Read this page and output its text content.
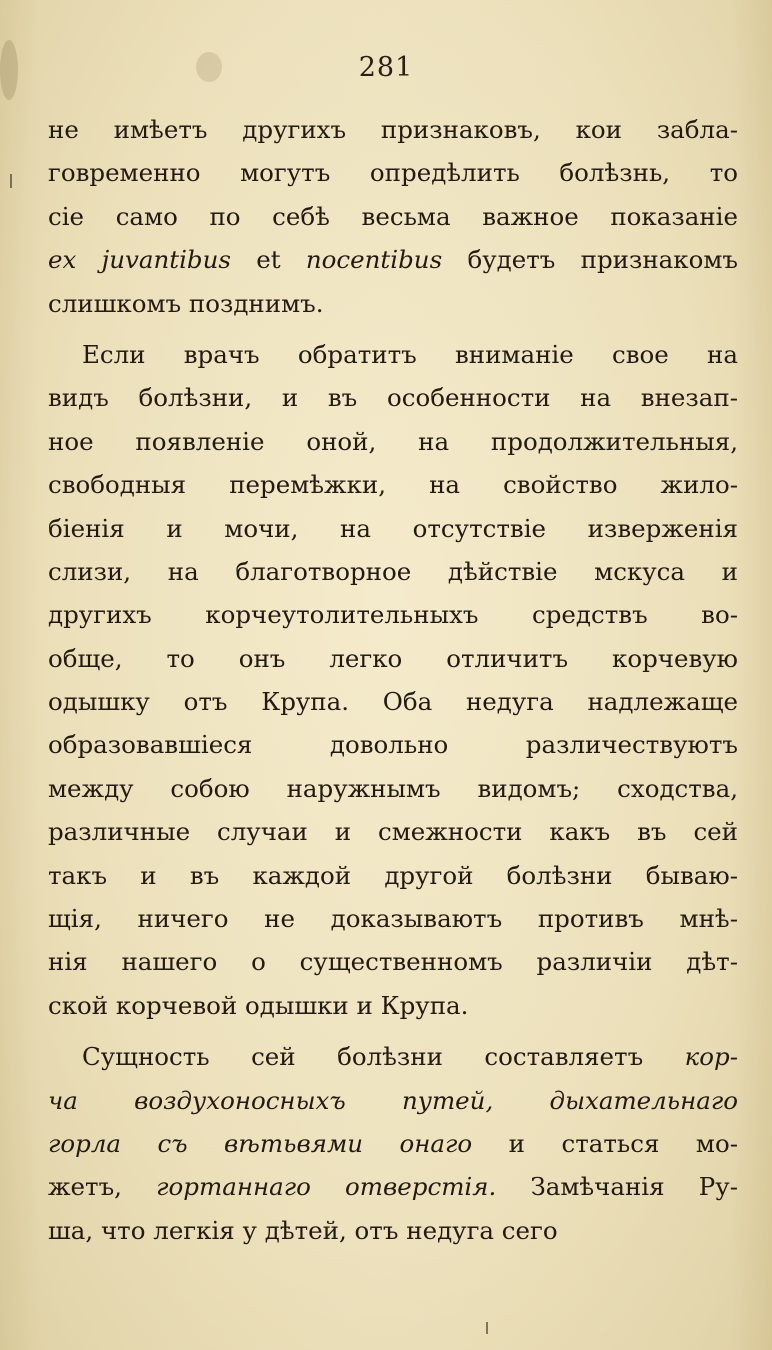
281
не имѣетъ другихъ признаковъ, кои забла-
говременно могутъ опредѣлить болѣзнь, то
сіе само по себѣ весьма важное показаніе
ex juvantibus et nocentibus будетъ признакомъ
слишкомъ позднимъ.
Если врачъ обратитъ вниманіе свое на
видъ болѣзни, и въ особенности на внезап-
ное появленіе оной, на продолжительныя,
свободныя перемѣжки, на свойство жило-
біенія и мочи, на отсутствіе изверженія
слизи, на благотворное дѣйствіе мскуса и
другихъ корчеутолительныхъ средствъ во-
обще, то онъ легко отличитъ корчевую
одышку отъ Крупа. Оба недуга надлежаще
образовавшіеся довольно различествуютъ
между собою наружнымъ видомъ; сходства,
различные случаи и смежности какъ въ сей
такъ и въ каждой другой болѣзни бываю-
щія, ничего не доказываютъ противъ мнѣ-
нія нашего о существенномъ различіи дѣт-
ской корчевой одышки и Крупа.
Сущность сей болѣзни составляетъ кор-
ча воздухоносныхъ путей, дыхательнаго
горла съ вѣтьвями онаго и статься мо-
жетъ, гортаннаго отверстія. Замѣчанія Ру-
ша, что легкія у дѣтей, отъ недуга сего
